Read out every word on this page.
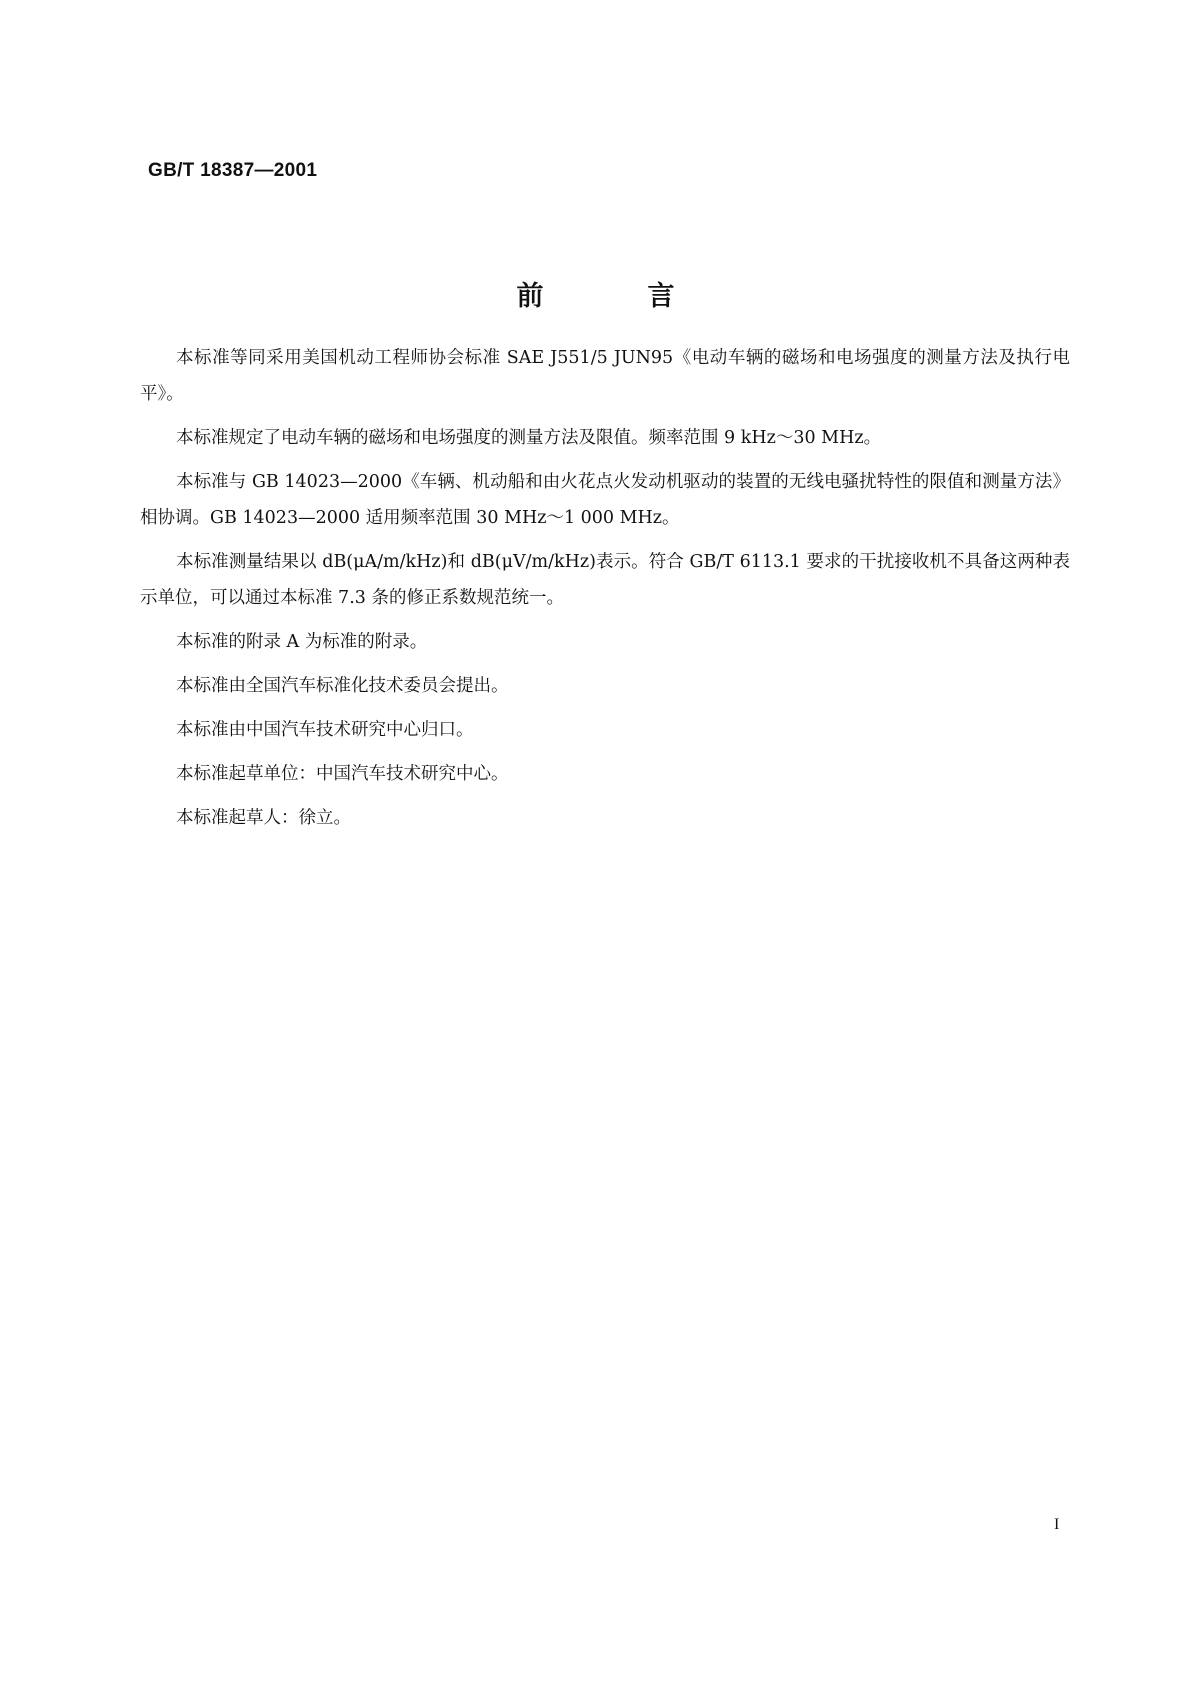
GB/T 18387—2001
前	言

本标准等同采用美国机动工程师协会标准 SAE J551/5 JUN95《电动车辆的磁场和电场强度的测量方法及执行电平》。

本标准规定了电动车辆的磁场和电场强度的测量方法及限值。频率范围 9 kHz～30 MHz。

本标准与 GB 14023—2000《车辆、机动船和由火花点火发动机驱动的装置的无线电骚扰特性的限值和测量方法》相协调。GB 14023—2000 适用频率范围 30 MHz～1 000 MHz。

本标准测量结果以 dB(μA/m/kHz)和 dB(μV/m/kHz)表示。符合 GB/T 6113.1 要求的干扰接收机不具备这两种表示单位，可以通过本标准 7.3 条的修正系数规范统一。

本标准的附录 A 为标准的附录。

本标准由全国汽车标准化技术委员会提出。

本标准由中国汽车技术研究中心归口。

本标准起草单位：中国汽车技术研究中心。

本标准起草人：徐立。

I
